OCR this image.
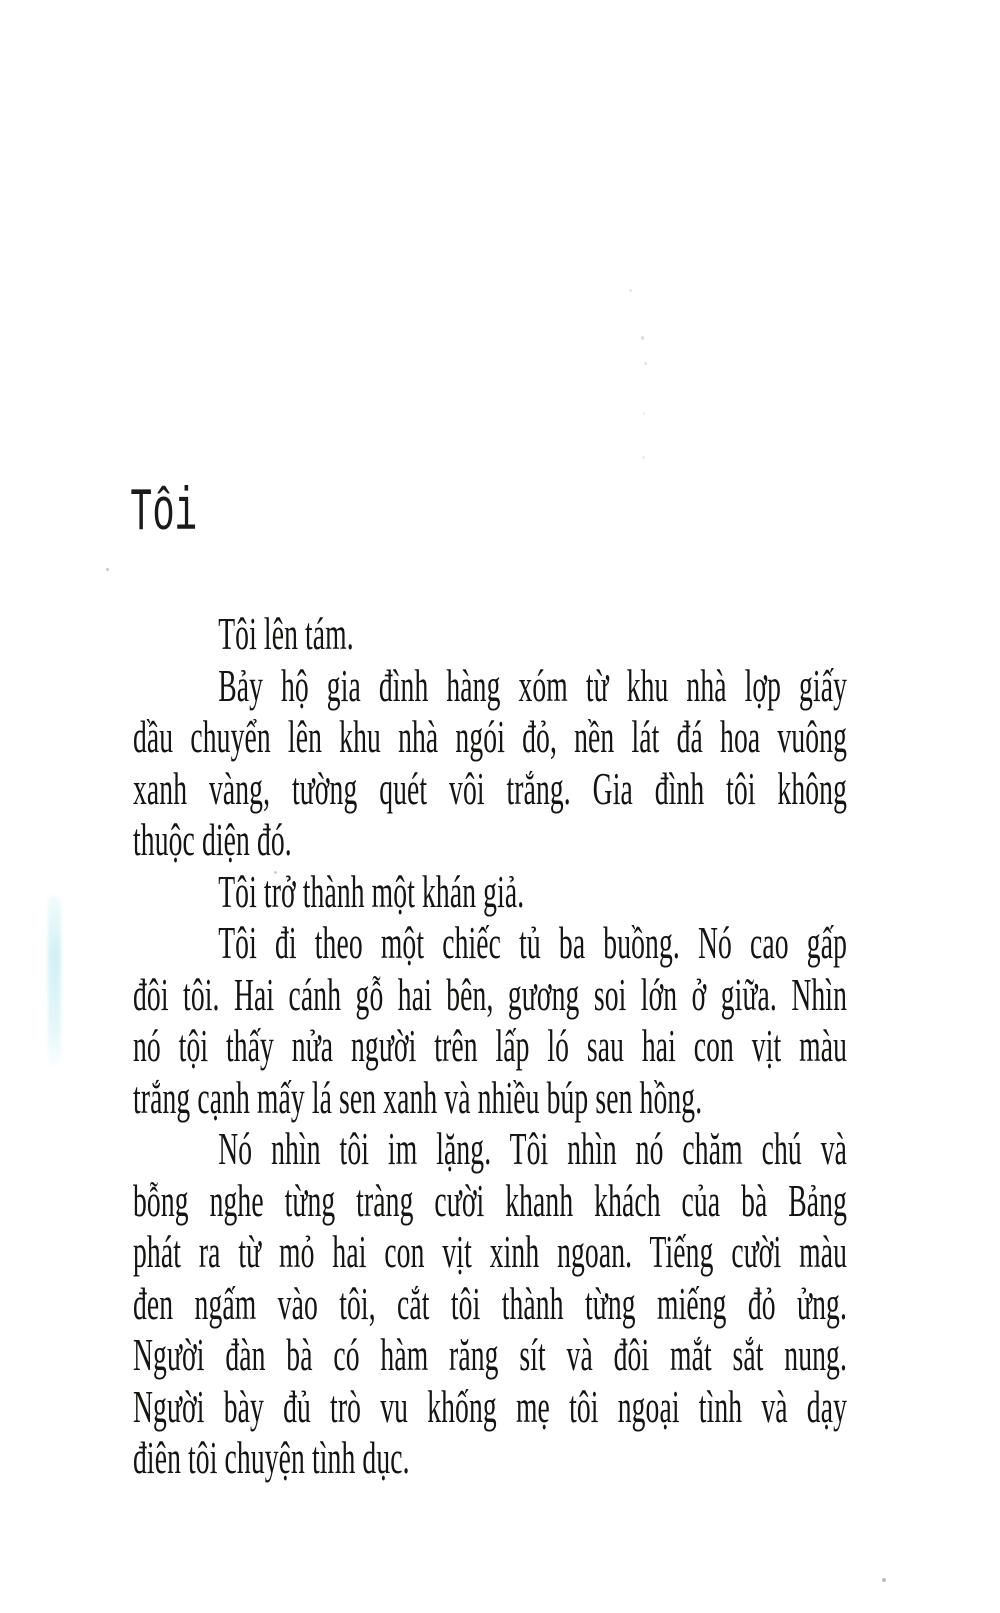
Tôi
Tôi lên tám.
Bảy hộ gia đình hàng xóm từ khu nhà lợp giấy
dầu chuyển lên khu nhà ngói đỏ, nền lát đá hoa vuông
xanh vàng, tường quét vôi trắng. Gia đình tôi không
thuộc diện đó.
Tôi trở thành một khán giả.
Tôi đi theo một chiếc tủ ba buồng. Nó cao gấp
đôi tôi. Hai cánh gỗ hai bên, gương soi lớn ở giữa. Nhìn
nó tội thấy nửa người trên lấp ló sau hai con vịt màu
trắng cạnh mấy lá sen xanh và nhiều búp sen hồng.
Nó nhìn tôi im lặng. Tôi nhìn nó chăm chú và
bỗng nghe từng tràng cười khanh khách của bà Bảng
phát ra từ mỏ hai con vịt xinh ngoan. Tiếng cười màu
đen ngấm vào tôi, cắt tôi thành từng miếng đỏ ửng.
Người đàn bà có hàm răng sít và đôi mắt sắt nung.
Người bày đủ trò vu khống mẹ tôi ngoại tình và dạy
điên tôi chuyện tình dục.
